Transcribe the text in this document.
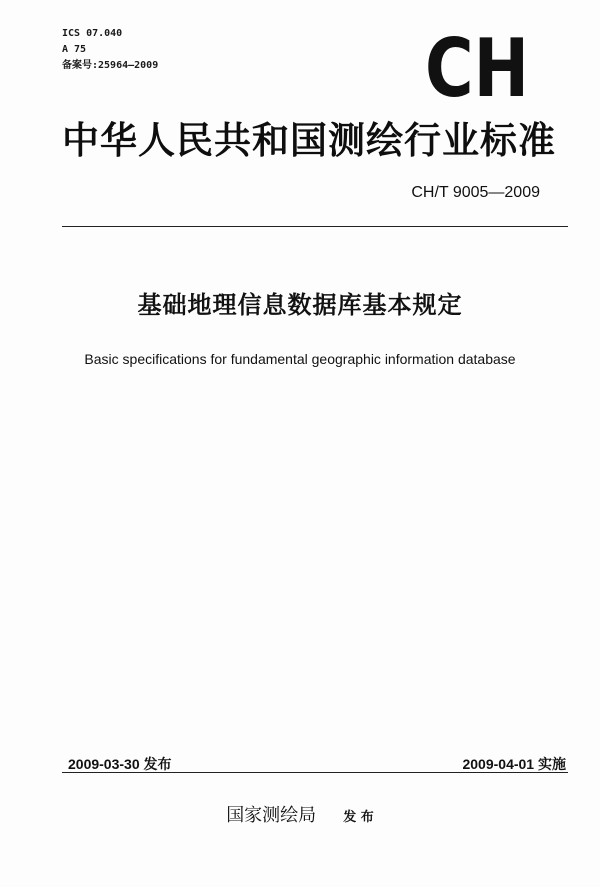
ICS 07.040
A 75
备案号:25964—2009	CH
中华人民共和国测绘行业标准
CH/T 9005—2009
基础地理信息数据库基本规定
Basic specifications for fundamental geographic information database
2009-03-30 发布	2009-04-01 实施
国家测绘局 发 布
